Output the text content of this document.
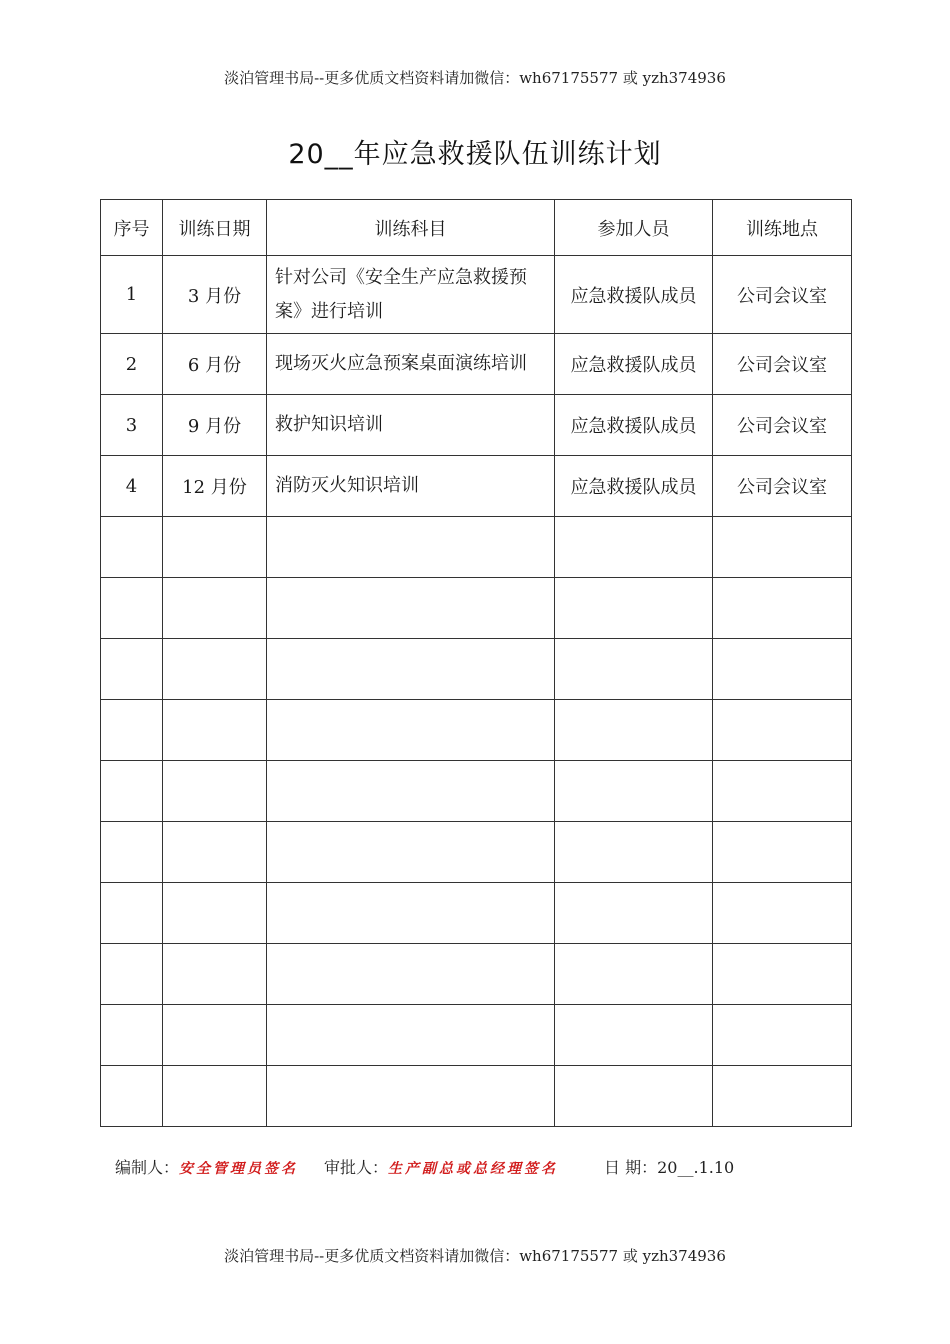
淡泊管理书局--更多优质文档资料请加微信：wh67175577 或 yzh374936
20__年应急救援队伍训练计划
序号	训练日期	训练科目	参加人员	训练地点
1	3 月份	针对公司《安全生产应急救援预案》进行培训	应急救援队成员	公司会议室
2	6 月份	现场灭火应急预案桌面演练培训	应急救援队成员	公司会议室
3	9 月份	救护知识培训	应急救援队成员	公司会议室
4	12 月份	消防灭火知识培训	应急救援队成员	公司会议室

编制人：安全管理员签名 审批人：生产副总或总经理签名	日 期：20__.1.10
淡泊管理书局--更多优质文档资料请加微信：wh67175577 或 yzh374936
